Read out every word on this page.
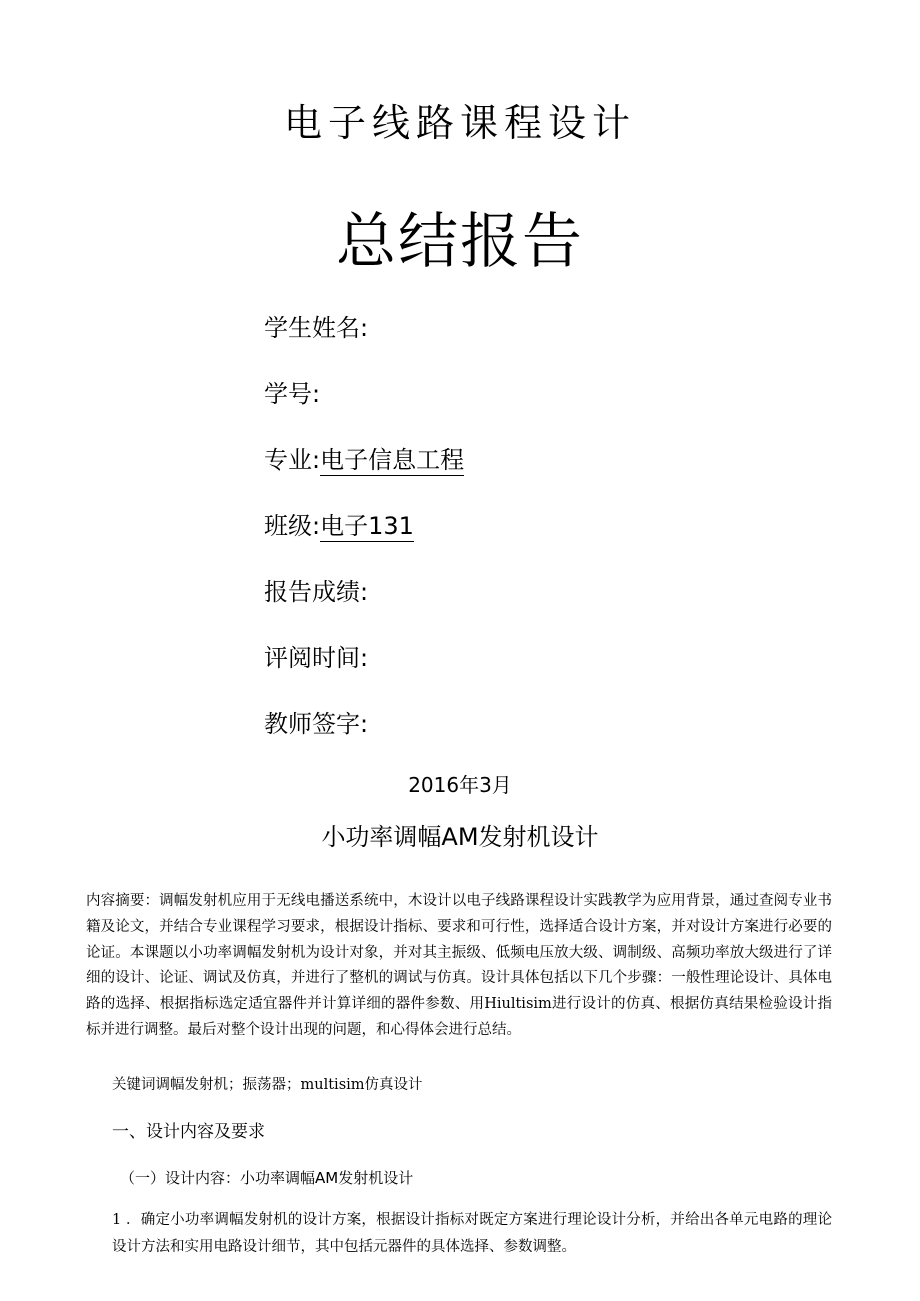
电子线路课程设计
总结报告
学生姓名:
学号:
专业:电子信息工程
班级:电子131
报告成绩:
评阅时间:
教师签字:
2016年3月
小功率调幅AM发射机设计
内容摘要：调幅发射机应用于无线电播送系统中，木设计以电子线路课程设计实践教学为应用背景，通过查阅专业书籍及论文，并结合专业课程学习要求，根据设计指标、要求和可行性，选择适合设计方案，并对设计方案进行必要的论证。本课题以小功率调幅发射机为设计对象，并对其主振级、低频电压放大级、调制级、高频功率放大级进行了详细的设计、论证、调试及仿真，并进行了整机的调试与仿真。设计具体包括以下几个步骤：一般性理论设计、具体电路的选择、根据指标选定适宜器件并计算详细的器件参数、用Hiultisim进行设计的仿真、根据仿真结果检验设计指标并进行调整。最后对整个设计出现的问题，和心得体会进行总结。
关键词调幅发射机；振荡器；multisim仿真设计
一、设计内容及要求
（一）设计内容：小功率调幅AM发射机设计
1 ．确定小功率调幅发射机的设计方案，根据设计指标对既定方案进行理论设计分析，并给出各单元电路的理论设计方法和实用电路设计细节，其中包括元器件的具体选择、参数调整。
